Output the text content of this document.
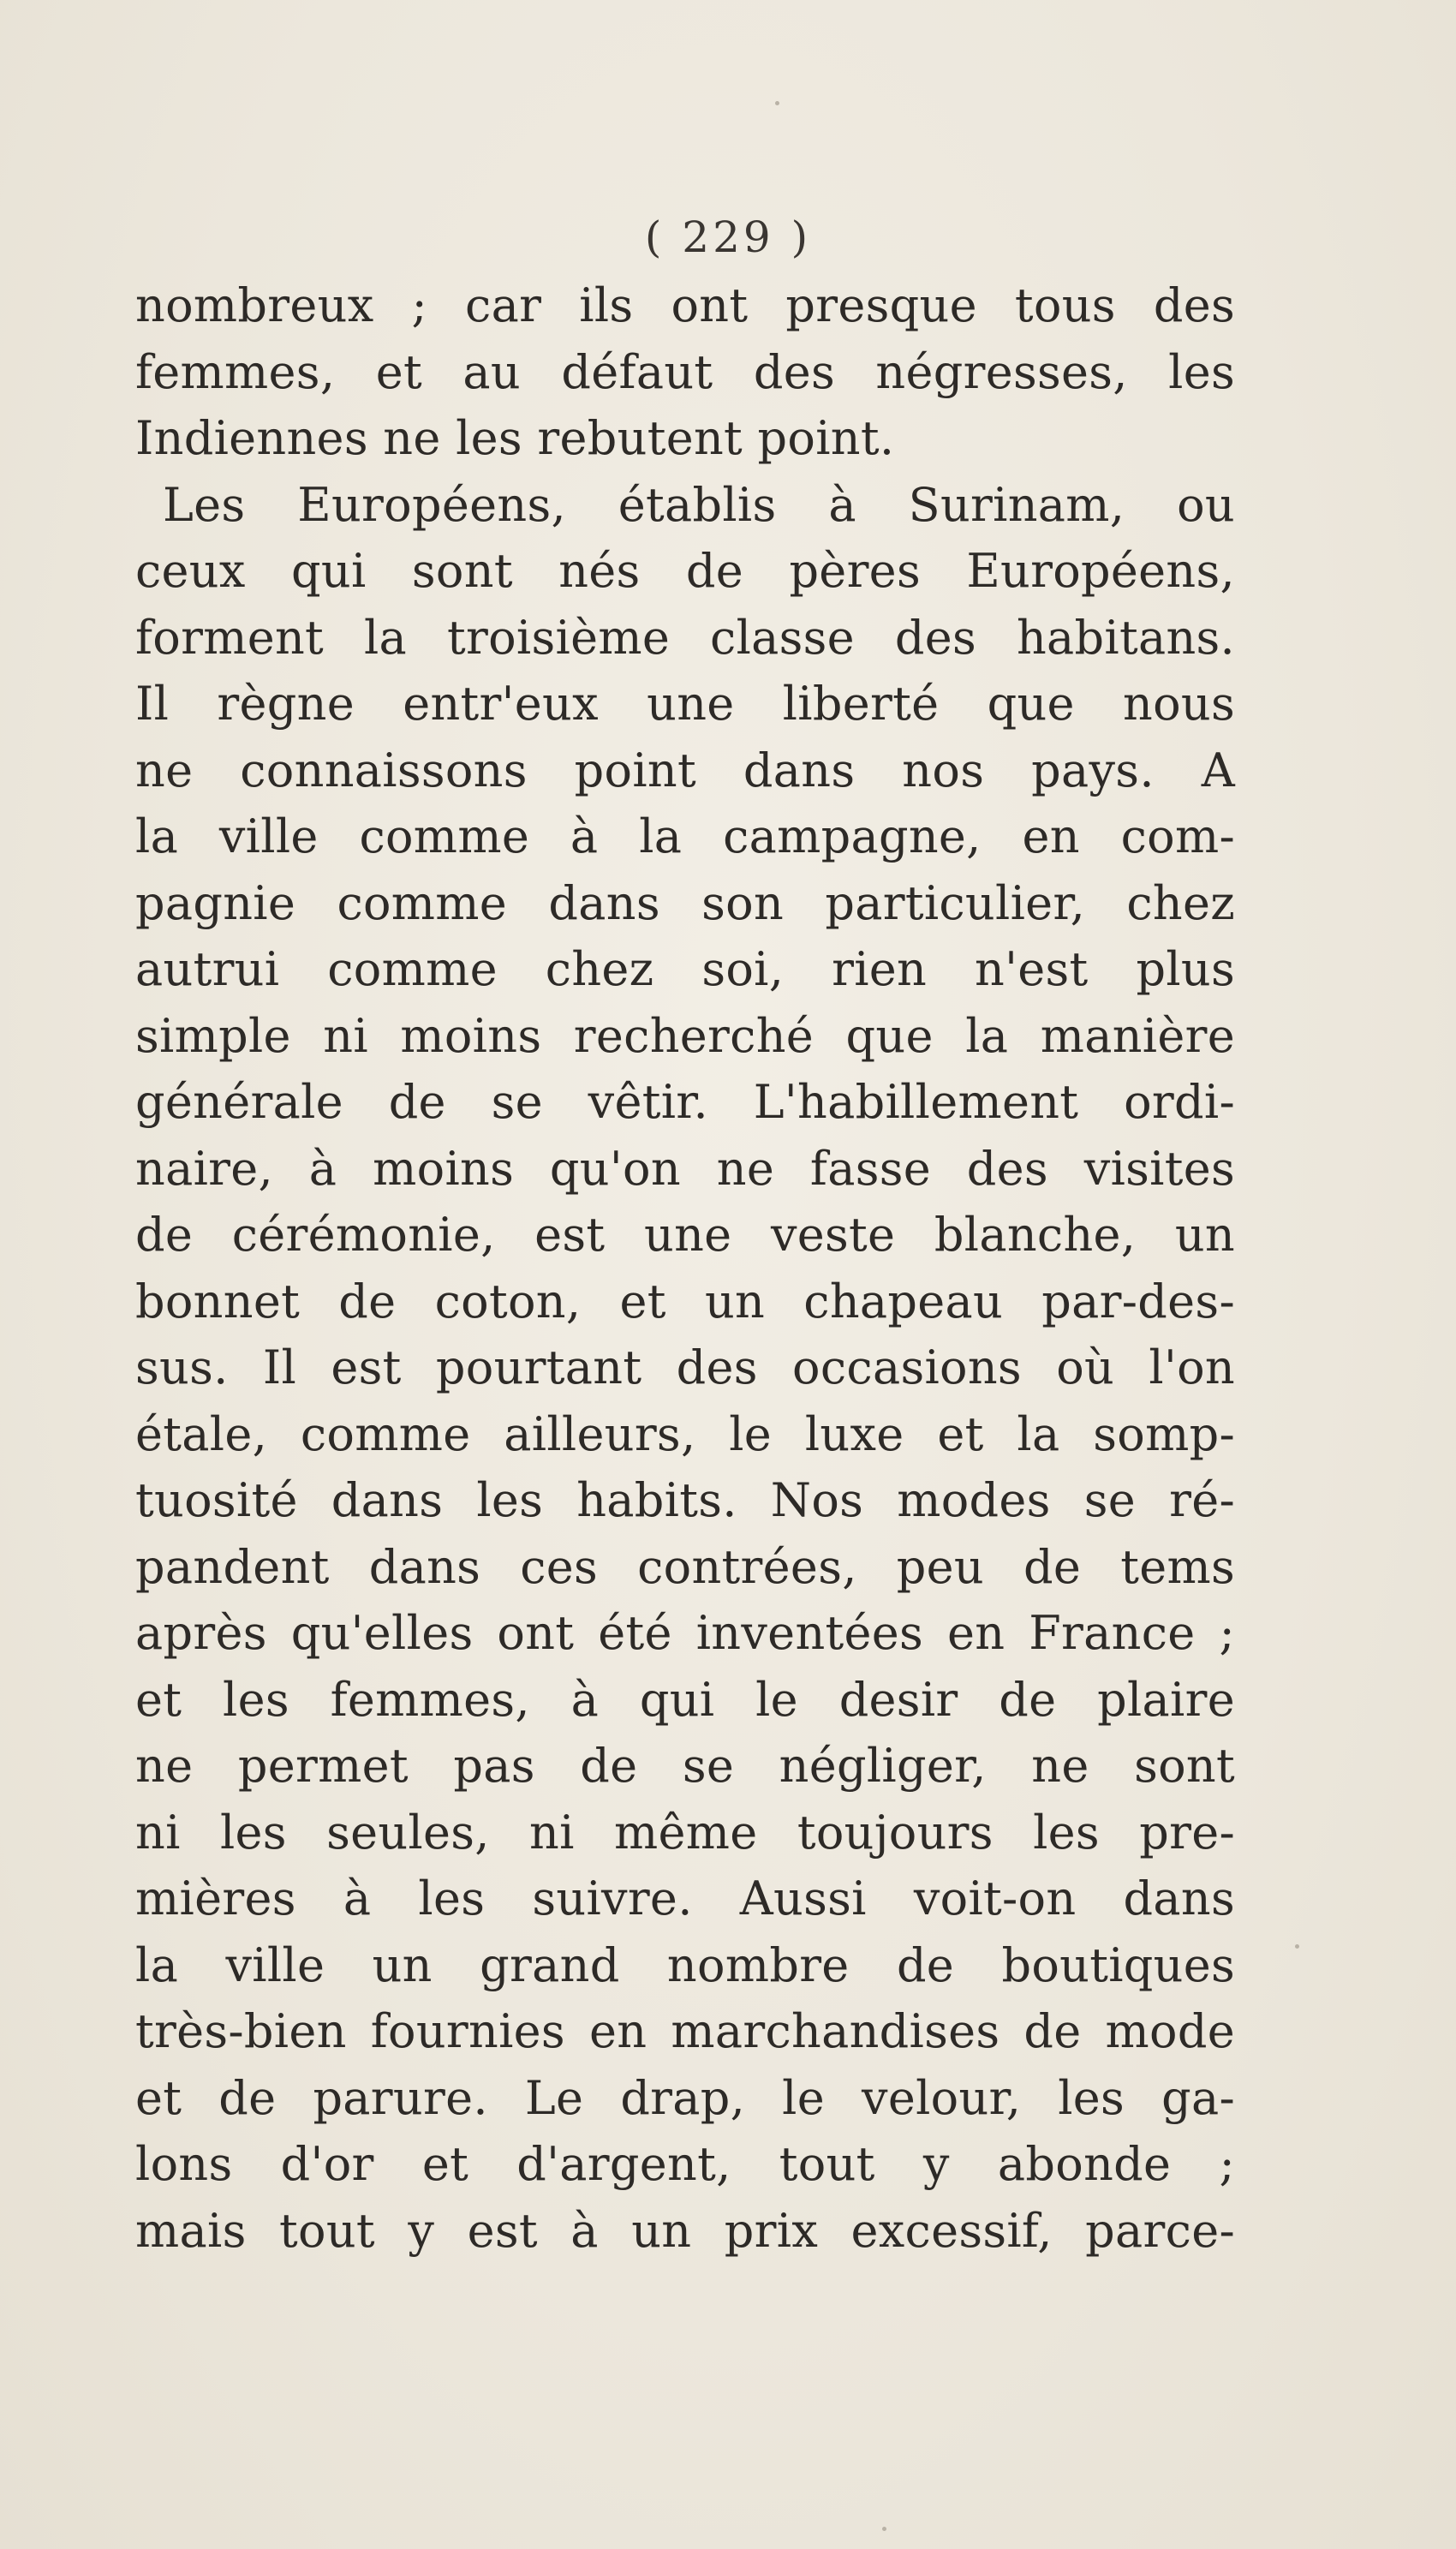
( 229 )
nombreux ; car ils ont presque tous des
femmes, et au défaut des négresses, les
Indiennes ne les rebutent point.
Les Européens, établis à Surinam, ou
ceux qui sont nés de pères Européens,
forment la troisième classe des habitans.
Il règne entr'eux une liberté que nous
ne connaissons point dans nos pays. A
la ville comme à la campagne, en com-
pagnie comme dans son particulier, chez
autrui comme chez soi, rien n'est plus
simple ni moins recherché que la manière
générale de se vêtir. L'habillement ordi-
naire, à moins qu'on ne fasse des visites
de cérémonie, est une veste blanche, un
bonnet de coton, et un chapeau par-des-
sus. Il est pourtant des occasions où l'on
étale, comme ailleurs, le luxe et la somp-
tuosité dans les habits. Nos modes se ré-
pandent dans ces contrées, peu de tems
après qu'elles ont été inventées en France ;
et les femmes, à qui le desir de plaire
ne permet pas de se négliger, ne sont
ni les seules, ni même toujours les pre-
mières à les suivre. Aussi voit-on dans
la ville un grand nombre de boutiques
très-bien fournies en marchandises de mode
et de parure. Le drap, le velour, les ga-
lons d'or et d'argent, tout y abonde ;
mais tout y est à un prix excessif, parce-
